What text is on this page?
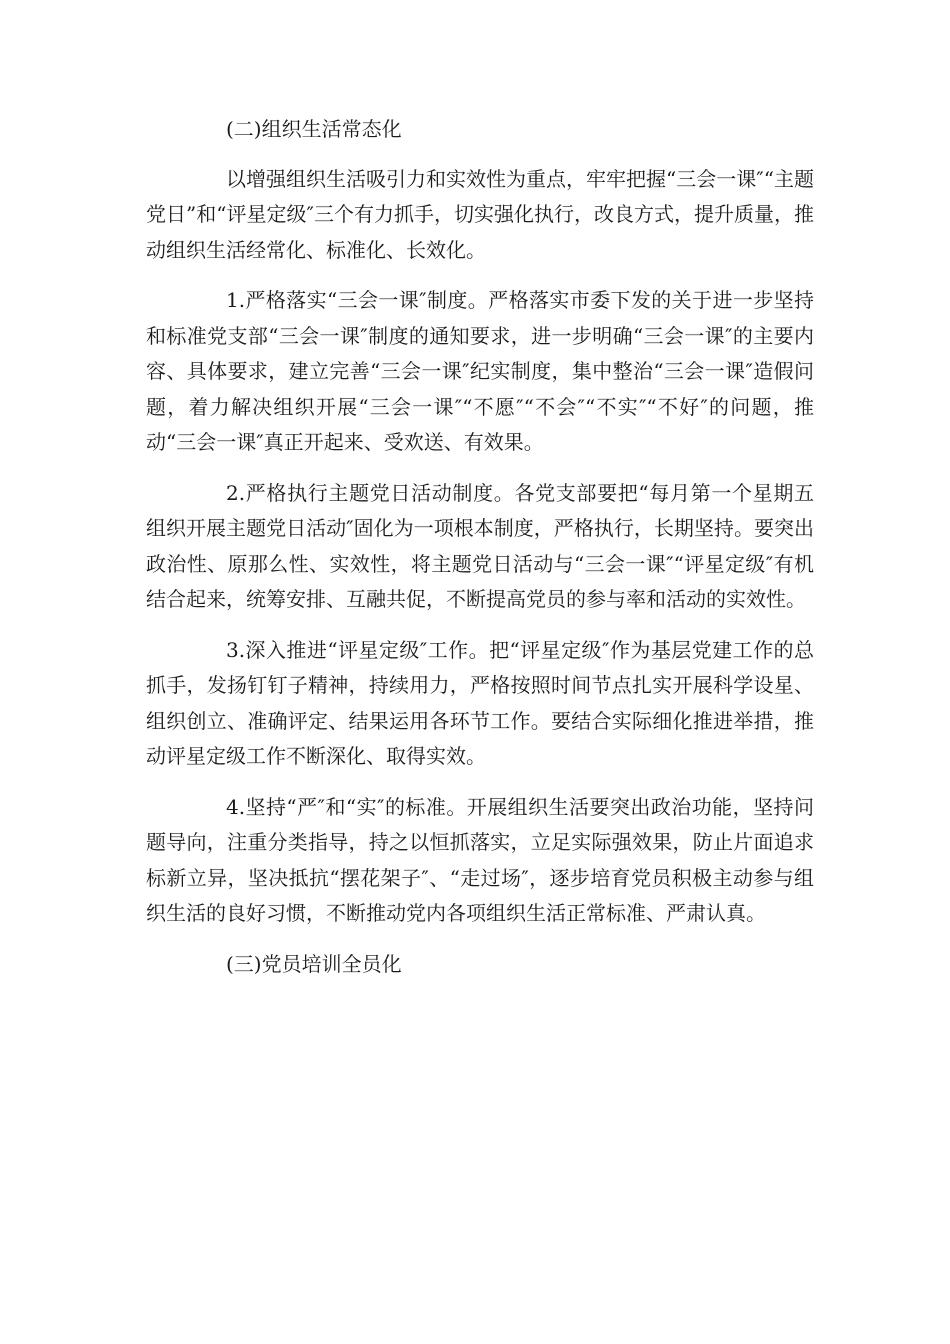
(二)组织生活常态化

以增强组织生活吸引力和实效性为重点，牢牢把握“三会一课″“主题党日”和“评星定级″三个有力抓手，切实强化执行，改良方式，提升质量，推动组织生活经常化、标准化、长效化。

1.严格落实“三会一课″制度。严格落实市委下发的关于进一步坚持和标准党支部“三会一课″制度的通知要求，进一步明确“三会一课″的主要内容、具体要求，建立完善“三会一课″纪实制度，集中整治“三会一课″造假问题，着力解决组织开展“三会一课″“不愿″“不会″“不实″“不好″的问题，推动“三会一课″真正开起来、受欢送、有效果。

2.严格执行主题党日活动制度。各党支部要把“每月第一个星期五组织开展主题党日活动″固化为一项根本制度，严格执行，长期坚持。要突出政治性、原那么性、实效性，将主题党日活动与“三会一课″“评星定级″有机结合起来，统筹安排、互融共促，不断提高党员的参与率和活动的实效性。

3.深入推进“评星定级″工作。把“评星定级″作为基层党建工作的总抓手，发扬钉钉子精神，持续用力，严格按照时间节点扎实开展科学设星、组织创立、准确评定、结果运用各环节工作。要结合实际细化推进举措，推动评星定级工作不断深化、取得实效。

4.坚持“严″和“实″的标准。开展组织生活要突出政治功能，坚持问题导向，注重分类指导，持之以恒抓落实，立足实际强效果，防止片面追求标新立异，坚决抵抗“摆花架子″、“走过场″，逐步培育党员积极主动参与组织生活的良好习惯，不断推动党内各项组织生活正常标准、严肃认真。

(三)党员培训全员化
